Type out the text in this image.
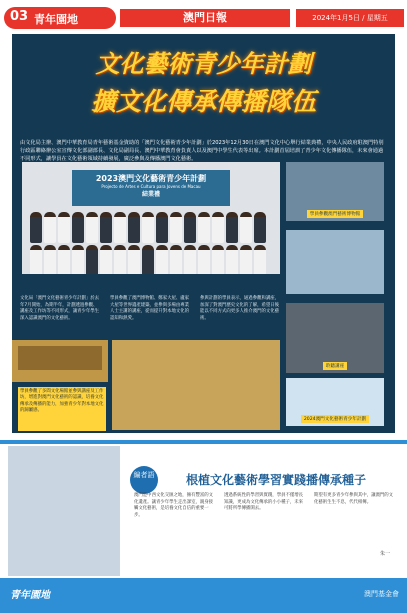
03 青年園地	澳門日報	2024年1月5日 / 星期五
文化藝術青少年計劃
擴文化傳承傳播隊伍
由文化局主辦、澳門中華教育局青年藝術基金資助的「澳門文化藝術青少年計劃」於2023年12月30日在澳門文化中心舉行結業典禮，中央人民政府駐澳門特別行政區聯絡辦公室宣傳文化部副部長、文化局副局長、澳門中華教育會負責人以及澳門中學生代表等出席。本計劃首屆培訓了青少年文化傳播隊伍，未來會通過不同形式，讓學員在文化藝術領域持續發展，廣泛參與及傳播澳門文化藝術。
2023澳門文化藝術青少年計劃
Projecto de Artes e Cultura para Jovens de Macau
結業禮
學員參觀澳門藝術博物館
聆聽講座
2024澳門文化藝術青少年計劃
文化局「澳門文化藝術青少年計劃」於去年7月開始，為期半年，計劃透過參觀、講座及工作坊等不同形式，讓青少年學生深入認識澳門的文化藝術。
學員參觀了澳門博物館、鄭家大屋、盧家大屋等世界遺產建築，並參與多場由專業人士主講的講座，從而提升對本地文化的認知和熱愛。
參與計劃的學員表示，通過參觀和講座，加深了對澳門歷史文化的了解，希望日後能以不同方式向更多人推介澳門的文化藝術。
學員參觀了多間文化場館並參與講座及工作坊，增進對澳門文化藝術的認識，培養文化傳承及傳播的能力，加強青少年對本地文化的歸屬感。
編者語	根植文化藝術學習實踐播傳承種子
澳門是中西文化交匯之地，擁有豐富的文化遺產。讓青少年學生走出課室，親身接觸文化藝術，是培養文化自信的重要一步。
透過系統性的學習與實踐，學員不僅增長知識，更成為文化傳承的小小種子，未來可將所學傳播開去。
期望有更多青少年參與其中，讓澳門的文化藝術生生不息，代代相傳。
朱一
青年園地	澳門基金會
